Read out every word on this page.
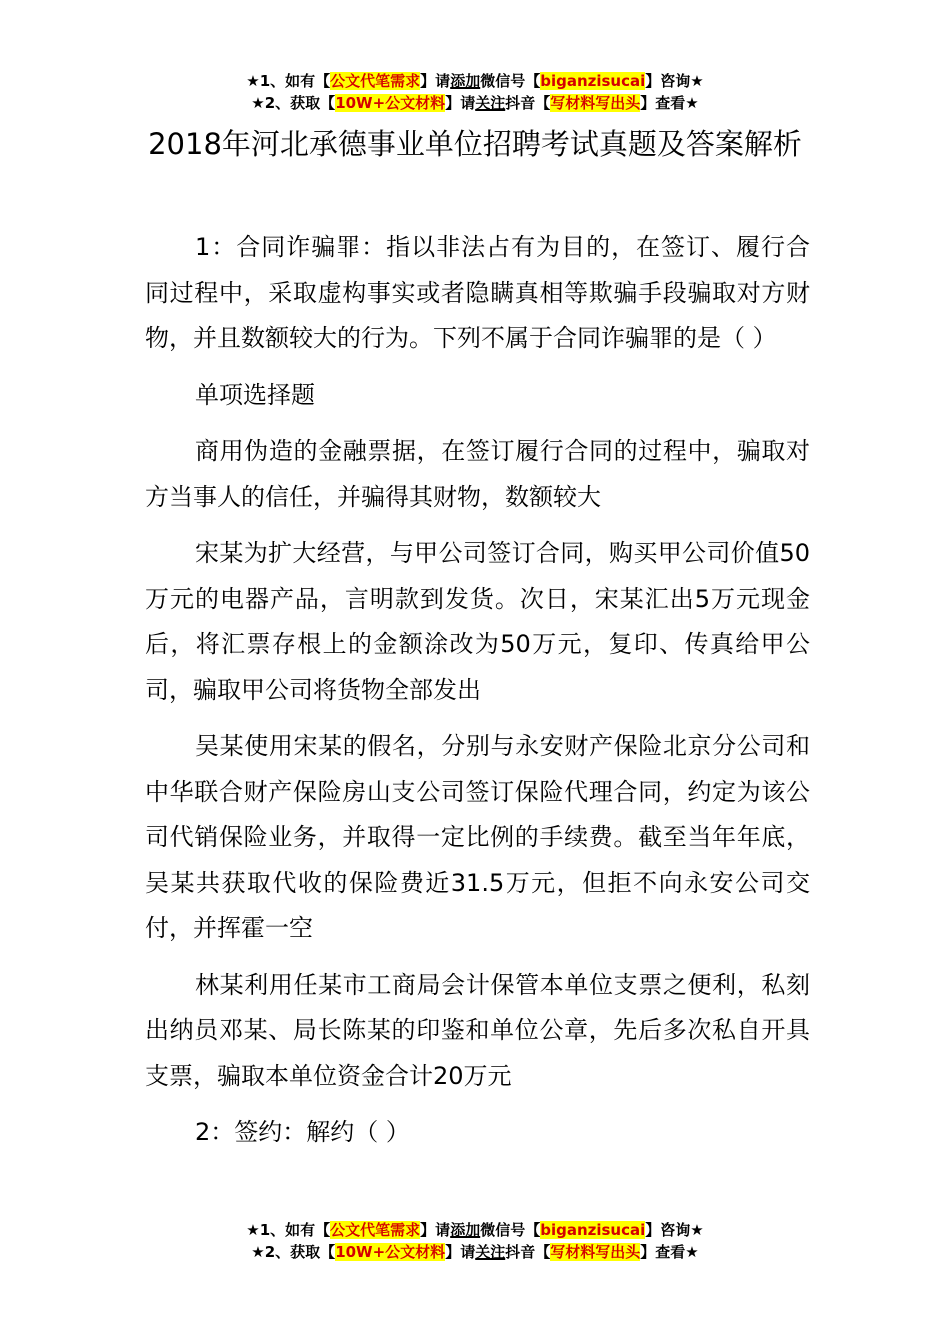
★1、如有【公文代笔需求】请添加微信号【biganzisucai】咨询★
★2、获取【10W+公文材料】请关注抖音【写材料写出头】查看★
2018年河北承德事业单位招聘考试真题及答案解析

1：合同诈骗罪：指以非法占有为目的，在签订、履行合同过程中，采取虚构事实或者隐瞒真相等欺骗手段骗取对方财物，并且数额较大的行为。下列不属于合同诈骗罪的是（ ）

单项选择题

商用伪造的金融票据，在签订履行合同的过程中，骗取对方当事人的信任，并骗得其财物，数额较大

宋某为扩大经营，与甲公司签订合同，购买甲公司价值50万元的电器产品，言明款到发货。次日，宋某汇出5万元现金后，将汇票存根上的金额涂改为50万元，复印、传真给甲公司，骗取甲公司将货物全部发出

吴某使用宋某的假名，分别与永安财产保险北京分公司和中华联合财产保险房山支公司签订保险代理合同，约定为该公司代销保险业务，并取得一定比例的手续费。截至当年年底，吴某共获取代收的保险费近31.5万元，但拒不向永安公司交付，并挥霍一空

林某利用任某市工商局会计保管本单位支票之便利，私刻出纳员邓某、局长陈某的印鉴和单位公章，先后多次私自开具支票，骗取本单位资金合计20万元

2：签约：解约（ ）

★1、如有【公文代笔需求】请添加微信号【biganzisucai】咨询★
★2、获取【10W+公文材料】请关注抖音【写材料写出头】查看★
